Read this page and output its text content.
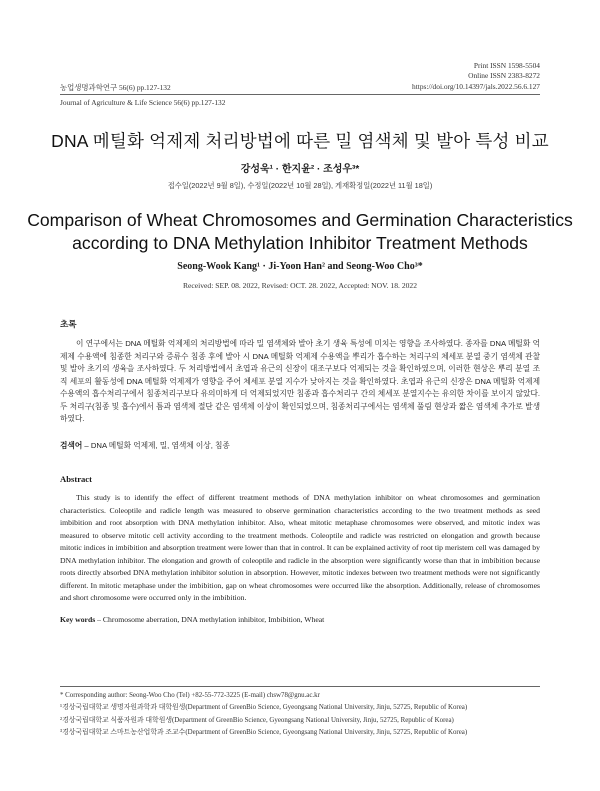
Print ISSN 1598-5504
Online ISSN 2383-8272
https://doi.org/10.14397/jals.2022.56.6.127
농업생명과학연구 56(6) pp.127-132
Journal of Agriculture & Life Science 56(6) pp.127-132
DNA 메틸화 억제제 처리방법에 따른 밀 염색체 및 발아 특성 비교
강성욱¹ · 한지윤² · 조성우³*
접수일(2022년 9월 8일), 수정일(2022년 10월 28일), 게재확정일(2022년 11월 18일)
Comparison of Wheat Chromosomes and Germination Characteristics
according to DNA Methylation Inhibitor Treatment Methods
Seong-Wook Kang¹ · Ji-Yoon Han² and Seong-Woo Cho³*
Received: SEP. 08. 2022, Revised: OCT. 28. 2022, Accepted: NOV. 18. 2022
초록

이 연구에서는 DNA 메틸화 억제제의 처리방법에 따라 밀 염색체와 발아 초기 생육 특성에 미치는 영향을 조사하였다. 종자를 DNA 메틸화 억제제 수용액에 침종한 처리구와 증류수 침종 후에 발아 시 DNA 메틸화 억제제 수용액을 뿌리가 흡수하는 처리구의 체세포 분열 중기 염색체 관찰 및 발아 초기의 생육을 조사하였다. 두 처리방법에서 초엽과 유근의 신장이 대조구보다 억제되는 것을 확인하였으며, 이러한 현상은 뿌리 분열 조직 세포의 활동성에 DNA 메틸화 억제제가 영향을 주어 체세포 분열 지수가 낮아지는 것을 확인하였다. 초엽과 유근의 신장은 DNA 메틸화 억제제 수용액의 흡수처리구에서 침종처리구보다 유의미하게 더 억제되었지만 침종과 흡수처리구 간의 체세포 분열지수는 유의한 차이를 보이지 않았다. 두 처리구(침종 및 흡수)에서 틈과 염색체 절단 같은 염색체 이상이 확인되었으며, 침종처리구에서는 염색체 풀림 현상과 짧은 염색체 추가로 발생하였다.

검색어 – DNA 메틸화 억제제, 밀, 염색체 이상, 침종
Abstract

This study is to identify the effect of different treatment methods of DNA methylation inhibitor on wheat chromosomes and germination characteristics. Coleoptile and radicle length was measured to observe germination characteristics according to the two treatment methods as seed imbibition and root absorption with DNA methylation inhibitor. Also, wheat mitotic metaphase chromosomes were observed, and mitotic index was measured to observe mitotic cell activity according to the treatment methods. Coleoptile and radicle was restricted on elongation and growth because mitotic indices in imbibition and absorption treatment were lower than that in control. It can be explained activity of root tip meristem cell was damaged by DNA methylation inhibitor. The elongation and growth of coleoptile and radicle in the absorption were significantly worse than that in imbibition because roots directly absorbed DNA methylation inhibitor solution in absorption. However, mitotic indexes between two treatment methods were not significantly different. In mitotic metaphase under the imbibition, gap on wheat chromosomes were occurred like the absorption. Additionally, release of chromosomes and short chromosome were occurred only in the imbibition.

Key words – Chromosome aberration, DNA methylation inhibitor, Imbibition, Wheat
* Corresponding author: Seong-Woo Cho (Tel) +82-55-772-3225 (E-mail) chsw78@gnu.ac.kr
¹경상국립대학교 생명자원과학과 대학원생(Department of GreenBio Science, Gyeongsang National University, Jinju, 52725, Republic of Korea)
²경상국립대학교 식품자원과 대학원생(Department of GreenBio Science, Gyeongsang National University, Jinju, 52725, Republic of Korea)
³경상국립대학교 스마트농산업학과 조교수(Department of GreenBio Science, Gyeongsang National University, Jinju, 52725, Republic of Korea)
